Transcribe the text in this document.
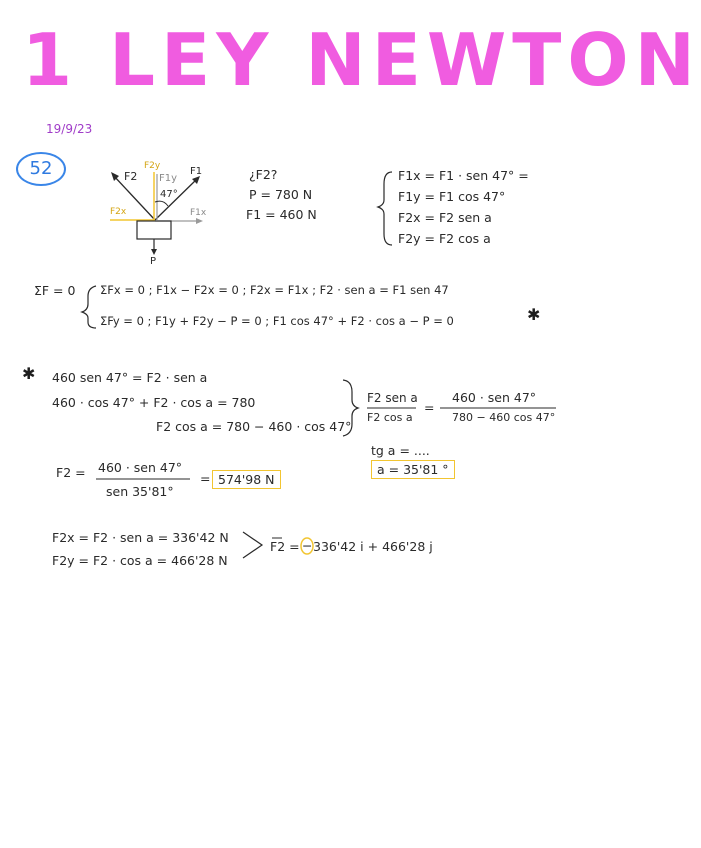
1 LEY NEWTON
19/9/23
52	F2
F2y
F1y
F1
47°
F2x	F1x
P
¿F2?
P = 780 N
F1 = 460 N
F1x = F1 · sen 47° =
F1y = F1 cos 47°
F2x = F2 sen a
F2y = F2 cos a
ΣF = 0 ΣFx = 0 ; F1x − F2x = 0 ; F2x = F1x ; F2 · sen a = F1 sen 47
ΣFy = 0 ; F1y + F2y − P = 0 ; F1 cos 47° + F2 · cos a − P = 0	✱
✱ 460 sen 47° = F2 · sen a
460 · cos 47° + F2 · cos a = 780
F2 cos a = 780 − 460 · cos 47°
F2 sen a
F2 cos a
=
460 · sen 47°
780 − 460 cos 47°
tg a = ....
a = 35'81 °
F2 = 460 · sen 47°
sen 35'81°
= 574'98 N
F2x = F2 · sen a = 336'42 N
F2y = F2 · cos a = 466'28 N
F2 = − 336'42 i + 466'28 j
